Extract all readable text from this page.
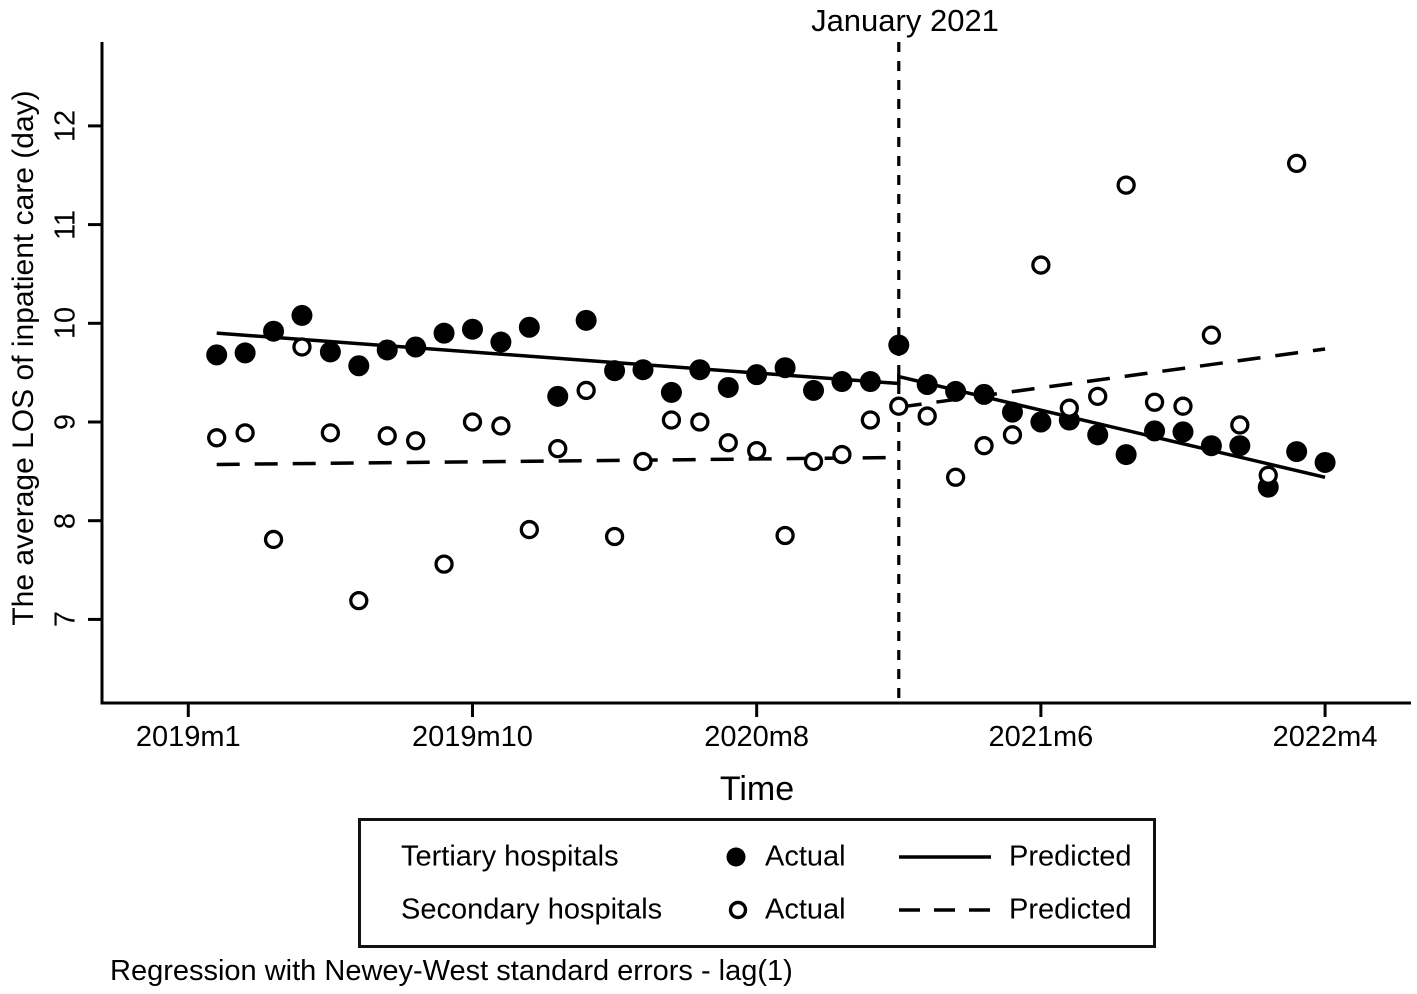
January 2021
The average LOS of inpatient care (day)
Time
Tertiary hospitals	Actual	Predicted
Secondary hospitals	Actual	Predicted
Regression with Newey-West standard errors - lag(1)
2019m1	2019m10	2020m8	2021m6	2022m4
7
8
9
10
11
12
